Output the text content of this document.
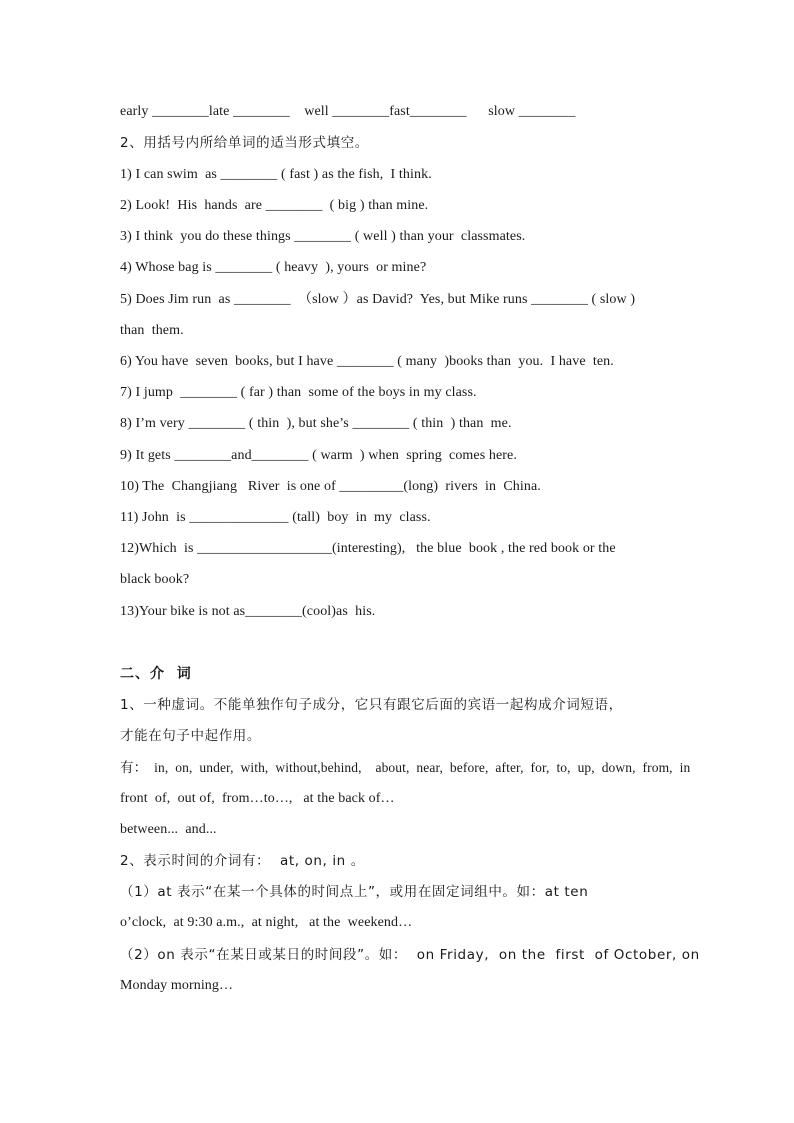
early ________late ________    well ________fast________      slow ________
2、用括号内所给单词的适当形式填空。
1) I can swim  as ________ ( fast ) as the fish,  I think.
2) Look!  His  hands  are ________  ( big ) than mine.
3) I think  you do these things ________ ( well ) than your  classmates.
4) Whose bag is ________ ( heavy  ), yours  or mine?
5) Does Jim run  as ________  （slow ）as David?  Yes, but Mike runs ________ ( slow )
than  them.
6) You have  seven  books, but I have ________ ( many  )books than  you.  I have  ten.
7) I jump  ________ ( far ) than  some of the boys in my class.
8) I’m very ________ ( thin  ), but she’s ________ ( thin  ) than  me.
9) It gets ________and________ ( warm  ) when  spring  comes here.
10) The  Changjiang   River  is one of _________(long)  rivers  in  China.
11) John  is ______________ (tall)  boy  in  my  class.
12)Which  is ___________________(interesting),   the blue  book , the red book or the
black book?
13)Your bike is not as________(cool)as  his.
二、介  词
1、一种虚词。不能单独作句子成分，它只有跟它后面的宾语一起构成介词短语，
才能在句子中起作用。
有：  in,  on,  under,  with,  without,behind,    about,  near,  before,  after,  for,  to,  up,  down,  from,  in
front  of,  out of,  from…to…,   at the back of…
between...  and...
2、表示时间的介词有：  at, on, in 。
（1）at 表示“在某一个具体的时间点上”，或用在固定词组中。如：at ten
o’clock,  at 9:30 a.m.,  at night,   at the  weekend…
（2）on 表示“在某日或某日的时间段”。如：  on Friday,  on the  first  of October, on
Monday morning…
